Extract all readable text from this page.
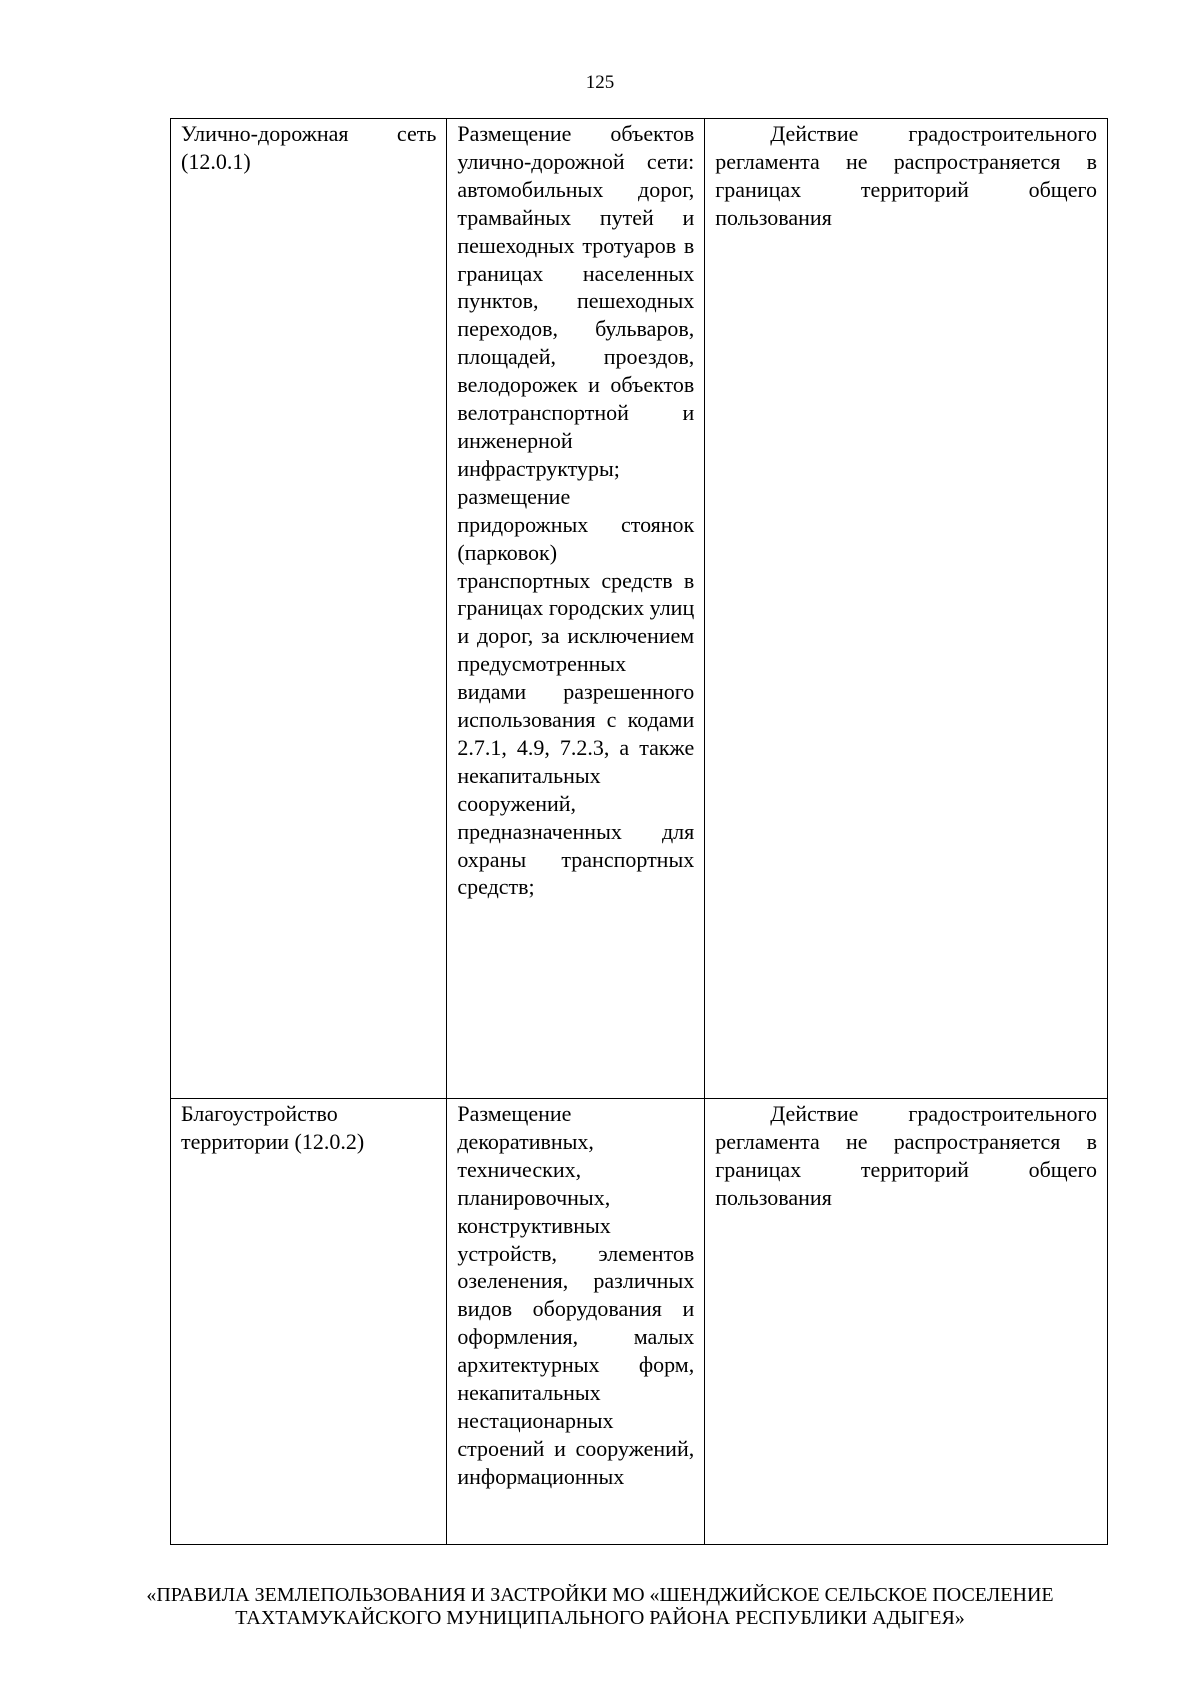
125
Улично-дорожная сеть (12.0.1)	Размещение объектов улично-дорожной сети: автомобильных дорог, трамвайных путей и пешеходных тротуаров в границах населенных пунктов, пешеходных переходов, бульваров, площадей, проездов, велодорожек и объектов велотранспортной и инженерной инфраструктуры; размещение придорожных стоянок (парковок) транспортных средств в границах городских улиц и дорог, за исключением предусмотренных видами разрешенного использования с кодами 2.7.1, 4.9, 7.2.3, а также некапитальных сооружений, предназначенных для охраны транспортных средств;	Действие градостроительного регламента не распространяется в границах территорий общего пользования
Благоустройство территории (12.0.2)	Размещение декоративных, технических, планировочных, конструктивных устройств, элементов озеленения, различных видов оборудования и оформления, малых архитектурных форм, некапитальных нестационарных строений и сооружений, информационных	Действие градостроительного регламента не распространяется в границах территорий общего пользования
«ПРАВИЛА ЗЕМЛЕПОЛЬЗОВАНИЯ И ЗАСТРОЙКИ МО «ШЕНДЖИЙСКОЕ СЕЛЬСКОЕ ПОСЕЛЕНИЕ
ТАХТАМУКАЙСКОГО МУНИЦИПАЛЬНОГО РАЙОНА РЕСПУБЛИКИ АДЫГЕЯ»
